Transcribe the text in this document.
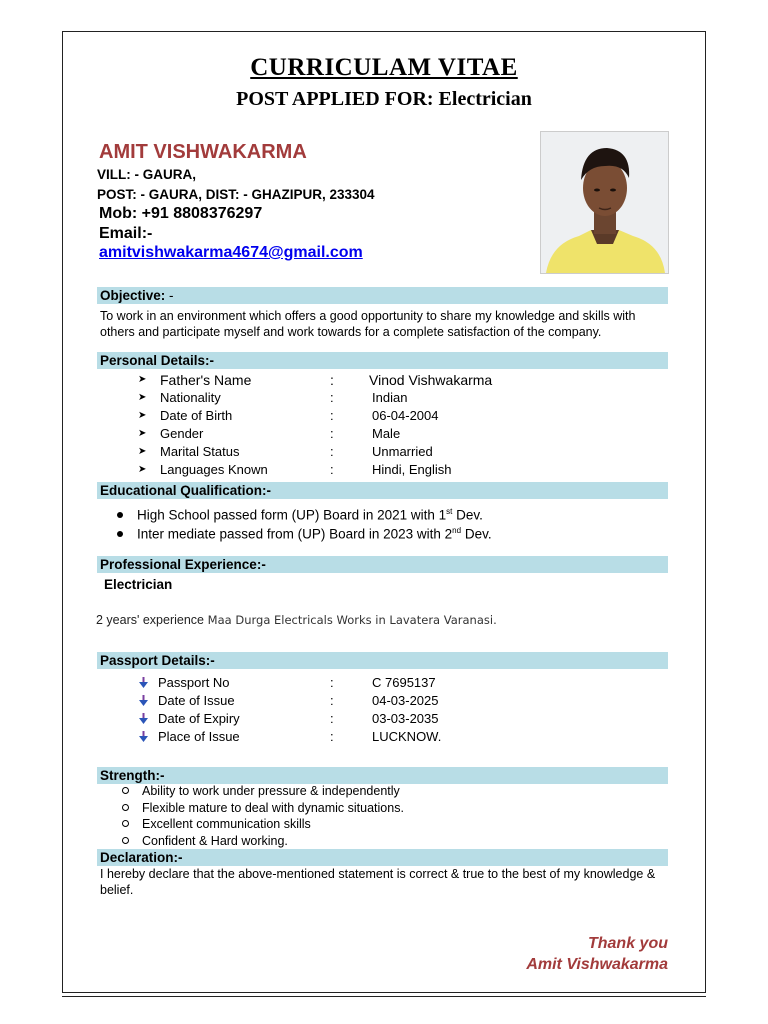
CURRICULAM VITAE
POST APPLIED FOR: Electrician
AMIT VISHWAKARMA
VILL: - GAURA,
POST: - GAURA, DIST: - GHAZIPUR, 233304
Mob: +91 8808376297
Email:-
amitvishwakarma4674@gmail.com
Objective: -
To work in an environment which offers a good opportunity to share my knowledge and skills with others and participate myself and work towards for a complete satisfaction of the company.
Personal Details:-
➤ Father's Name	:	Vinod Vishwakarma
➤ Nationality	:	Indian
➤ Date of Birth	:	06-04-2004
➤ Gender	:	Male
➤ Marital Status	:	Unmarried
➤ Languages Known	:	Hindi, English
Educational Qualification:-
High School passed form (UP) Board in 2021 with 1st Dev.
Inter mediate passed from (UP) Board in 2023 with 2nd Dev.
Professional Experience:-
Electrician
2 years' experience Maa Durga Electricals Works in Lavatera Varanasi.
Passport Details:-
Passport No	:	C 7695137
Date of Issue	:	04-03-2025
Date of Expiry	:	03-03-2035
Place of Issue	:	LUCKNOW.
Strength:-
Ability to work under pressure & independently
Flexible mature to deal with dynamic situations.
Excellent communication skills
Confident & Hard working.
Declaration:-
I hereby declare that the above-mentioned statement is correct & true to the best of my knowledge & belief.
Thank you
Amit Vishwakarma
